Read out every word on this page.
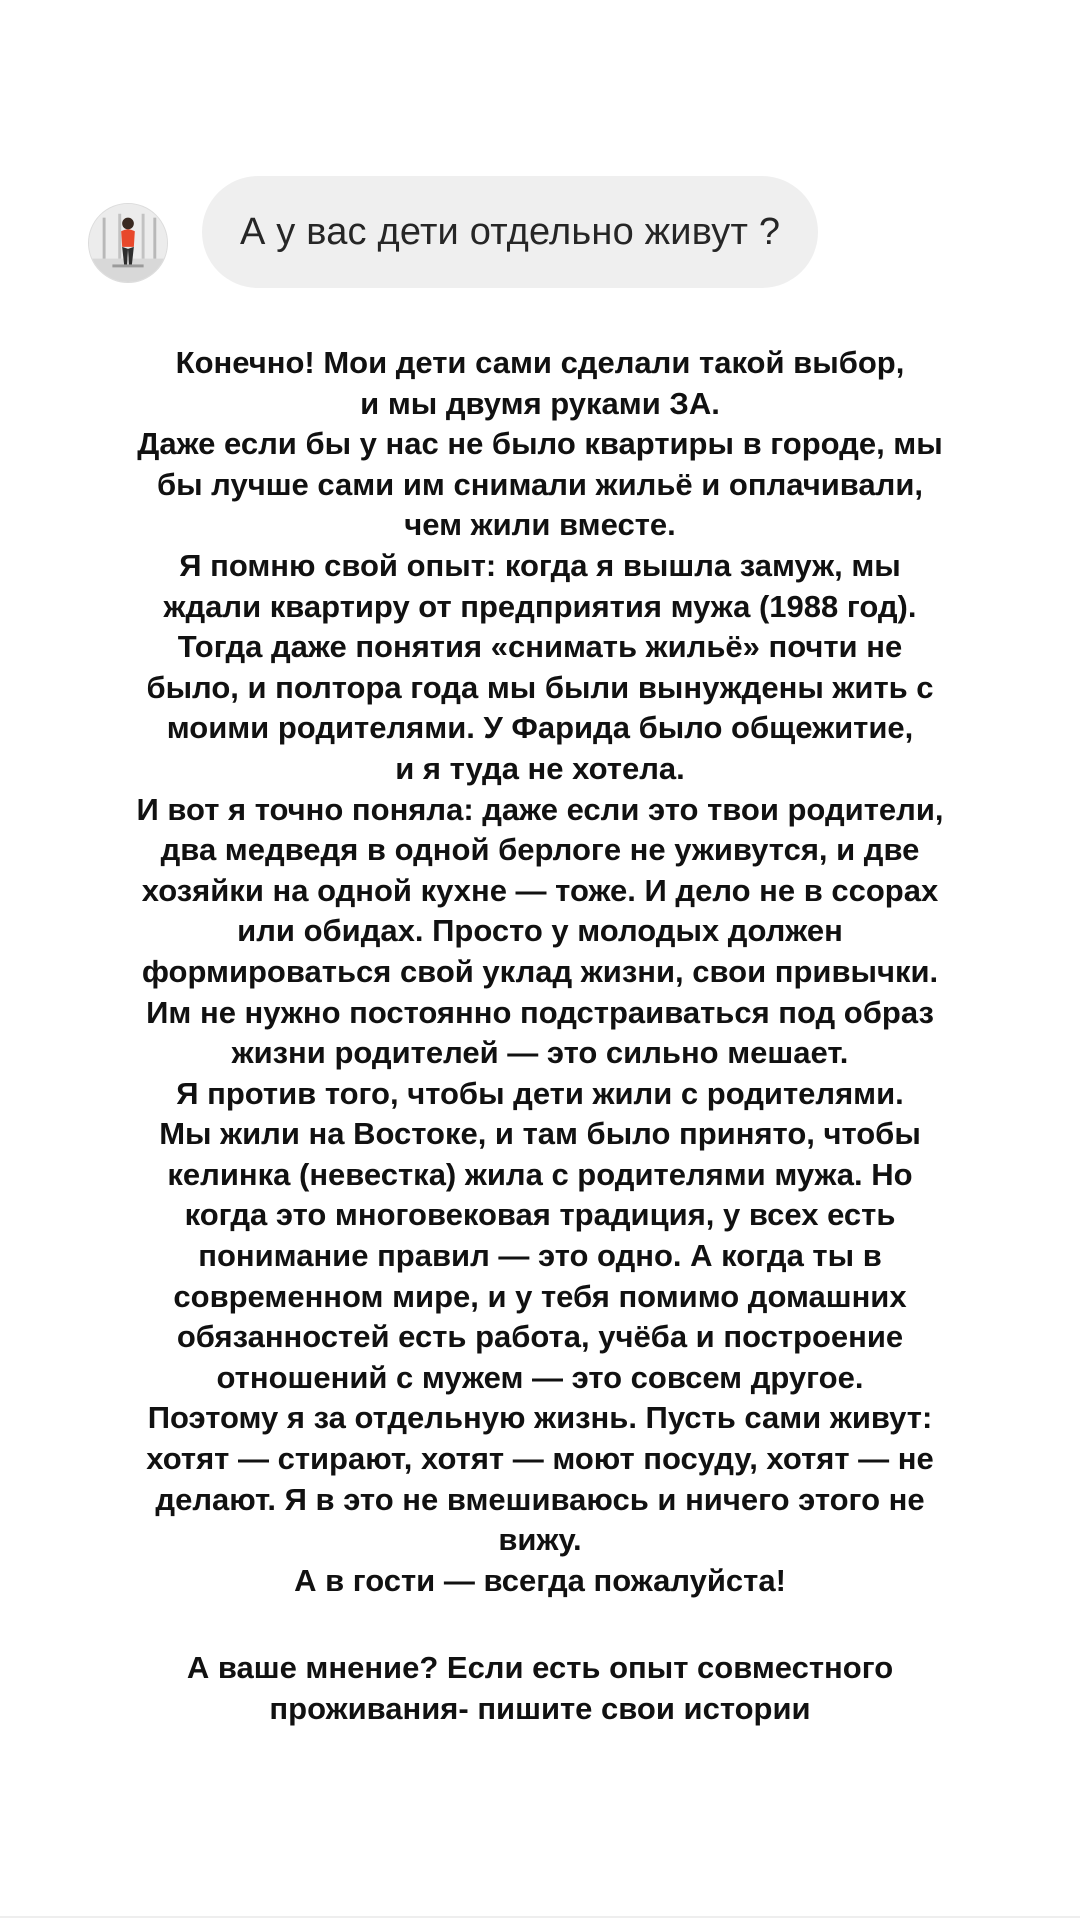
А у вас дети отдельно живут ?
Конечно! Мои дети сами сделали такой выбор,
и мы двумя руками ЗА.
Даже если бы у нас не было квартиры в городе, мы
бы лучше сами им снимали жильё и оплачивали,
чем жили вместе.
Я помню свой опыт: когда я вышла замуж, мы
ждали квартиру от предприятия мужа (1988 год).
Тогда даже понятия «снимать жильё» почти не
было, и полтора года мы были вынуждены жить с
моими родителями. У Фарида было общежитие,
и я туда не хотела.
И вот я точно поняла: даже если это твои родители,
два медведя в одной берлоге не уживутся, и две
хозяйки на одной кухне — тоже. И дело не в ссорах
или обидах. Просто у молодых должен
формироваться свой уклад жизни, свои привычки.
Им не нужно постоянно подстраиваться под образ
жизни родителей — это сильно мешает.
Я против того, чтобы дети жили с родителями.
Мы жили на Востоке, и там было принято, чтобы
келинка (невестка) жила с родителями мужа. Но
когда это многовековая традиция, у всех есть
понимание правил — это одно. А когда ты в
современном мире, и у тебя помимо домашних
обязанностей есть работа, учёба и построение
отношений с мужем — это совсем другое.
Поэтому я за отдельную жизнь. Пусть сами живут:
хотят — стирают, хотят — моют посуду, хотят — не
делают. Я в это не вмешиваюсь и ничего этого не
вижу.
А в гости — всегда пожалуйста!
А ваше мнение? Если есть опыт совместного
проживания- пишите свои истории
